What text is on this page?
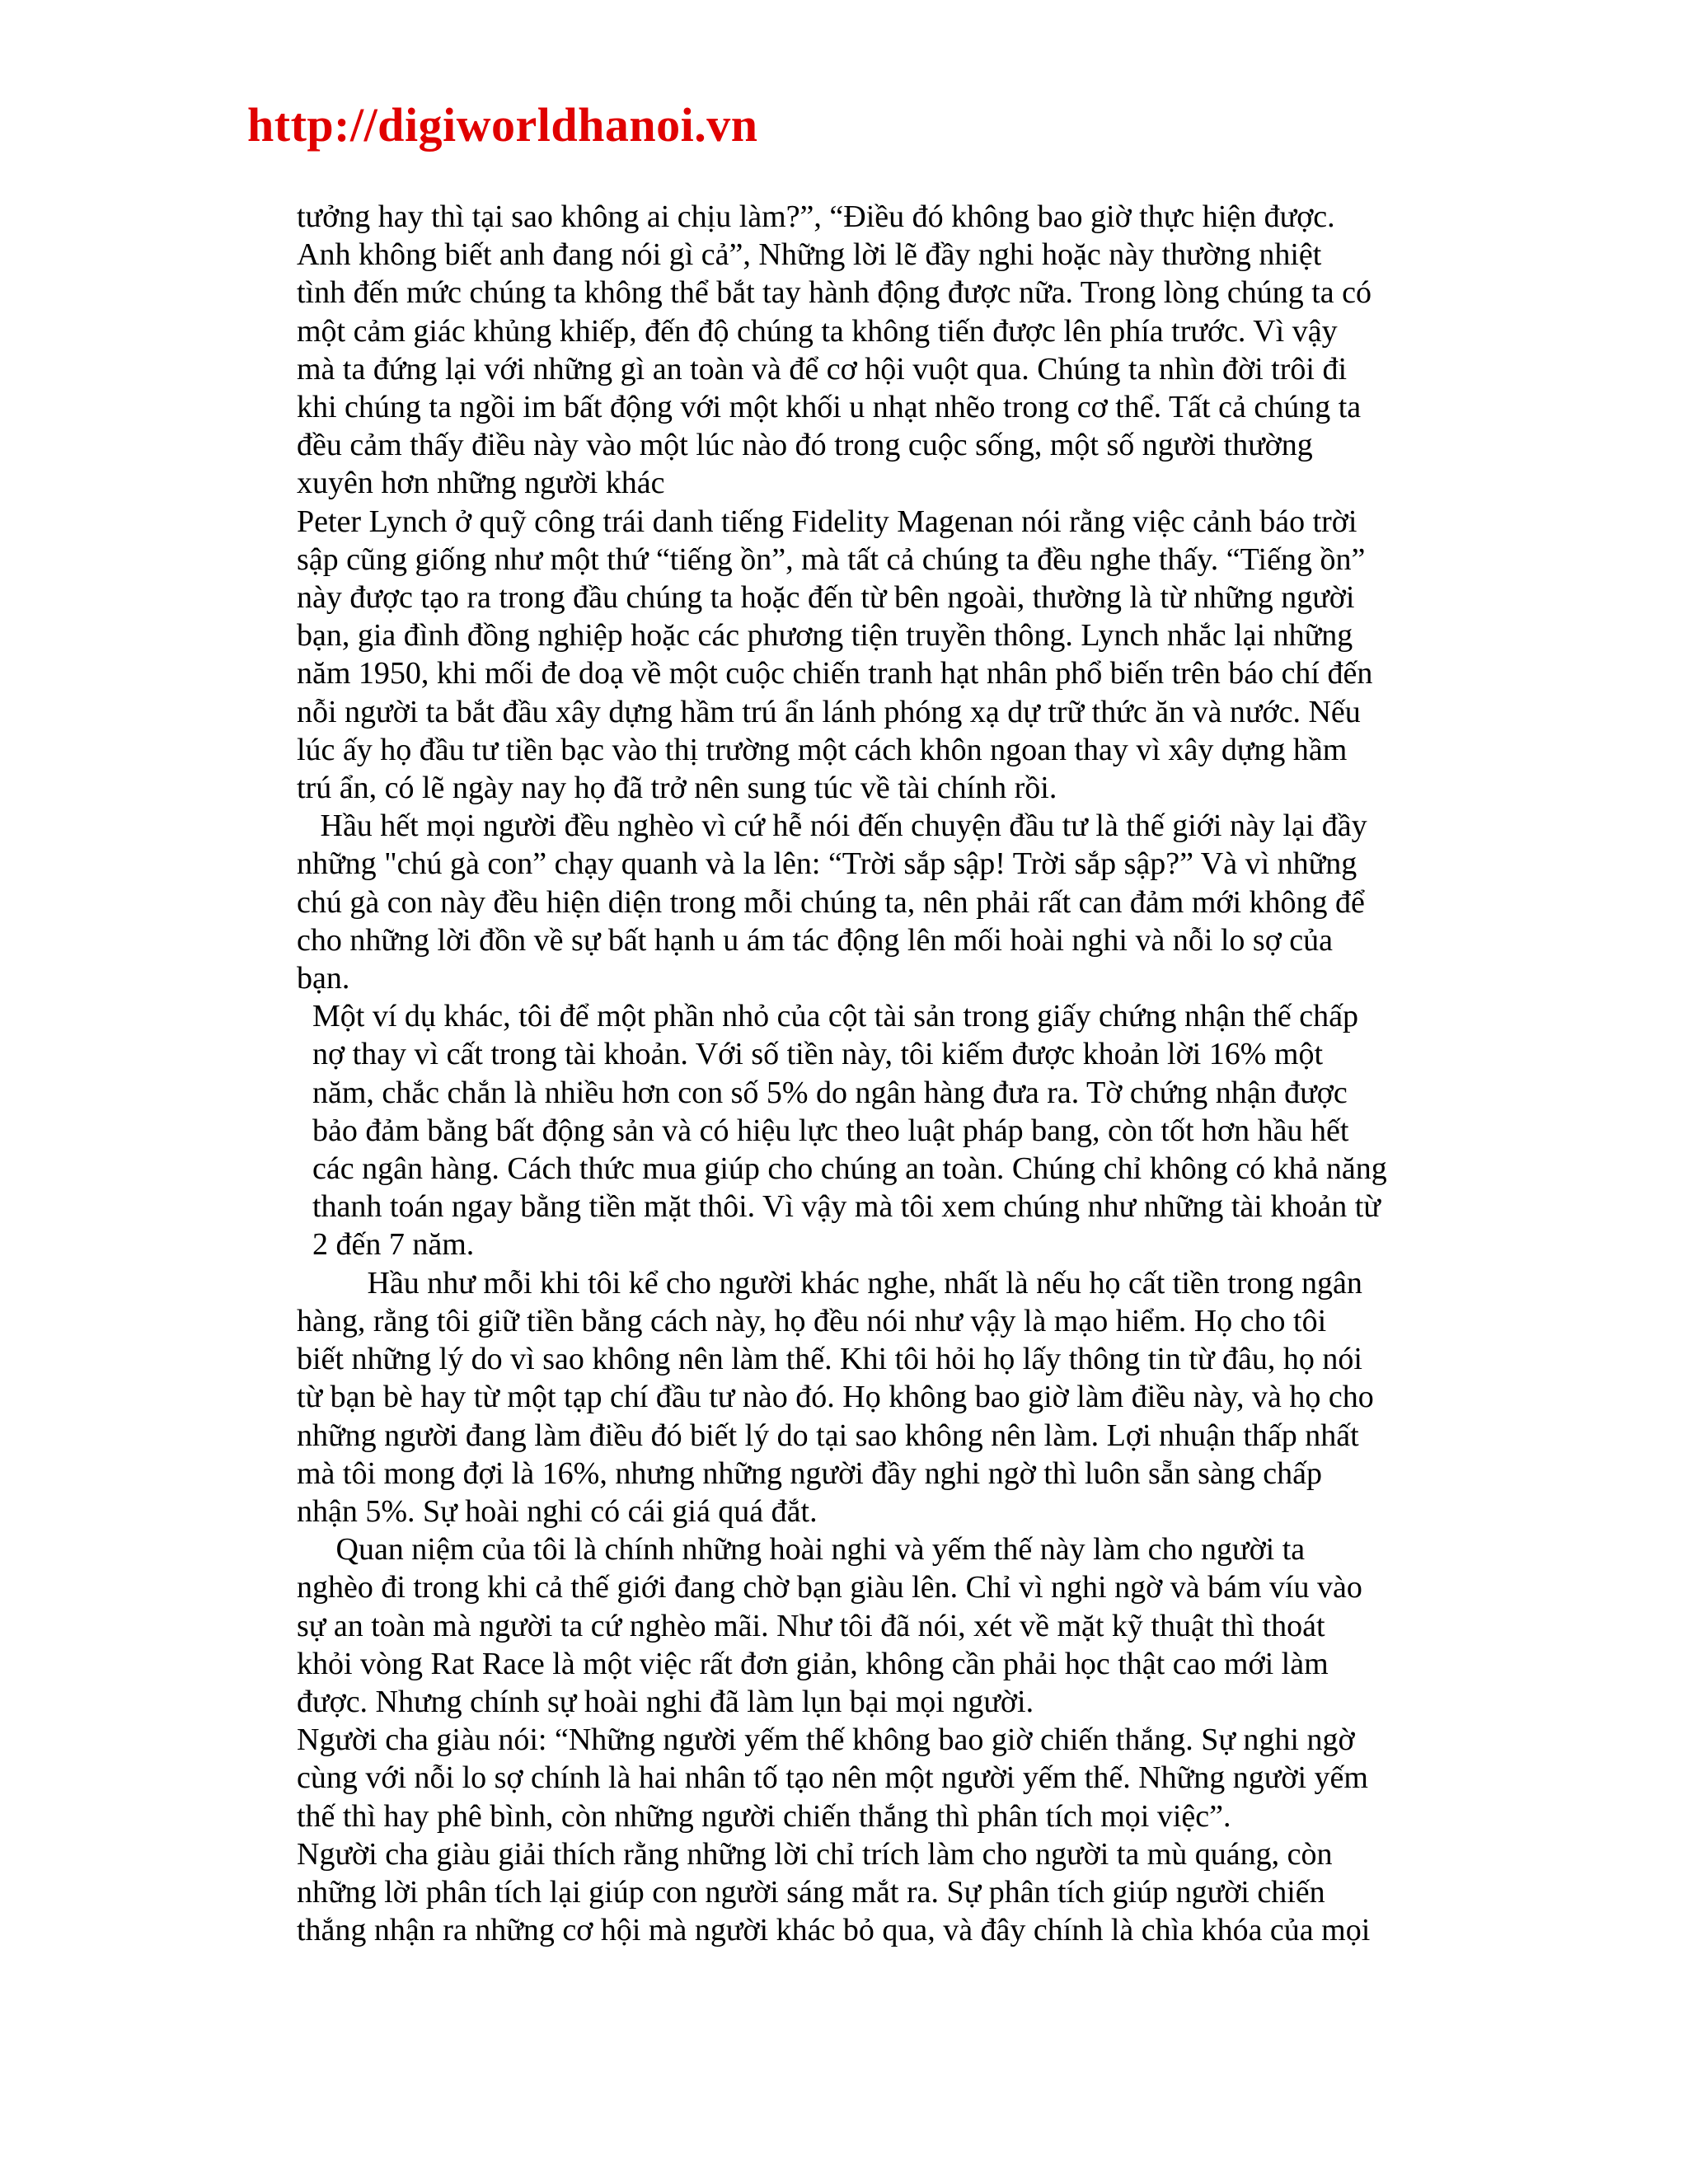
http://digiworldhanoi.vn
tưởng hay thì tại sao không ai chịu làm?”, “Điều đó không bao giờ thực hiện được.
Anh không biết anh đang nói gì cả”, Những lời lẽ đầy nghi hoặc này thường nhiệt
tình đến mức chúng ta không thể bắt tay hành động được nữa. Trong lòng chúng ta có
một cảm giác khủng khiếp, đến độ chúng ta không tiến được lên phía trước. Vì vậy
mà ta đứng lại với những gì an toàn và để cơ hội vuột qua. Chúng ta nhìn đời trôi đi
khi chúng ta ngồi im bất động với một khối u nhạt nhẽo trong cơ thể. Tất cả chúng ta
đều cảm thấy điều này vào một lúc nào đó trong cuộc sống, một số người thường
xuyên hơn những người khác
Peter Lynch ở quỹ công trái danh tiếng Fidelity Magenan nói rằng việc cảnh báo trời
sập cũng giống như một thứ “tiếng ồn”, mà tất cả chúng ta đều nghe thấy. “Tiếng ồn”
này được tạo ra trong đầu chúng ta hoặc đến từ bên ngoài, thường là từ những người
bạn, gia đình đồng nghiệp hoặc các phương tiện truyền thông. Lynch nhắc lại những
năm 1950, khi mối đe doạ về một cuộc chiến tranh hạt nhân phổ biến trên báo chí đến
nỗi người ta bắt đầu xây dựng hầm trú ẩn lánh phóng xạ dự trữ thức ăn và nước. Nếu
lúc ấy họ đầu tư tiền bạc vào thị trường một cách khôn ngoan thay vì xây dựng hầm
trú ẩn, có lẽ ngày nay họ đã trở nên sung túc về tài chính rồi.
Hầu hết mọi người đều nghèo vì cứ hễ nói đến chuyện đầu tư là thế giới này lại đầy
những "chú gà con” chạy quanh và la lên: “Trời sắp sập! Trời sắp sập?” Và vì những
chú gà con này đều hiện diện trong mỗi chúng ta, nên phải rất can đảm mới không để
cho những lời đồn về sự bất hạnh u ám tác động lên mối hoài nghi và nỗi lo sợ của
bạn.
Một ví dụ khác, tôi để một phần nhỏ của cột tài sản trong giấy chứng nhận thế chấp
nợ thay vì cất trong tài khoản. Với số tiền này, tôi kiếm được khoản lời 16% một
năm, chắc chắn là nhiều hơn con số 5% do ngân hàng đưa ra. Tờ chứng nhận được
bảo đảm bằng bất động sản và có hiệu lực theo luật pháp bang, còn tốt hơn hầu hết
các ngân hàng. Cách thức mua giúp cho chúng an toàn. Chúng chỉ không có khả năng
thanh toán ngay bằng tiền mặt thôi. Vì vậy mà tôi xem chúng như những tài khoản từ
2 đến 7 năm.
Hầu như mỗi khi tôi kể cho người khác nghe, nhất là nếu họ cất tiền trong ngân
hàng, rằng tôi giữ tiền bằng cách này, họ đều nói như vậy là mạo hiểm. Họ cho tôi
biết những lý do vì sao không nên làm thế. Khi tôi hỏi họ lấy thông tin từ đâu, họ nói
từ bạn bè hay từ một tạp chí đầu tư nào đó. Họ không bao giờ làm điều này, và họ cho
những người đang làm điều đó biết lý do tại sao không nên làm. Lợi nhuận thấp nhất
mà tôi mong đợi là 16%, nhưng những người đầy nghi ngờ thì luôn sẵn sàng chấp
nhận 5%. Sự hoài nghi có cái giá quá đắt.
Quan niệm của tôi là chính những hoài nghi và yếm thế này làm cho người ta
nghèo đi trong khi cả thế giới đang chờ bạn giàu lên. Chỉ vì nghi ngờ và bám víu vào
sự an toàn mà người ta cứ nghèo mãi. Như tôi đã nói, xét về mặt kỹ thuật thì thoát
khỏi vòng Rat Race là một việc rất đơn giản, không cần phải học thật cao mới làm
được. Nhưng chính sự hoài nghi đã làm lụn bại mọi người.
Người cha giàu nói: “Những người yếm thế không bao giờ chiến thắng. Sự nghi ngờ
cùng với nỗi lo sợ chính là hai nhân tố tạo nên một người yếm thế. Những người yếm
thế thì hay phê bình, còn những người chiến thắng thì phân tích mọi việc”.
Người cha giàu giải thích rằng những lời chỉ trích làm cho người ta mù quáng, còn
những lời phân tích lại giúp con người sáng mắt ra. Sự phân tích giúp người chiến
thắng nhận ra những cơ hội mà người khác bỏ qua, và đây chính là chìa khóa của mọi
